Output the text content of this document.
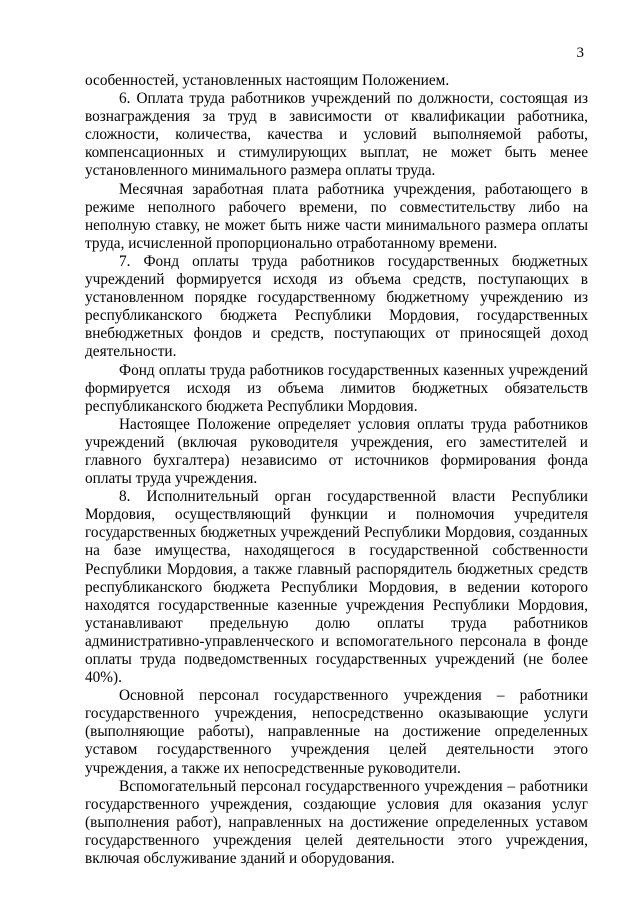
3

особенностей, установленных настоящим Положением.

6. Оплата труда работников учреждений по должности, состоящая из вознаграждения за труд в зависимости от квалификации работника, сложности, количества, качества и условий выполняемой работы, компенсационных и стимулирующих выплат, не может быть менее установленного минимального размера оплаты труда.

Месячная заработная плата работника учреждения, работающего в режиме неполного рабочего времени, по совместительству либо на неполную ставку, не может быть ниже части минимального размера оплаты труда, исчисленной пропорционально отработанному времени.

7. Фонд оплаты труда работников государственных бюджетных учреждений формируется исходя из объема средств, поступающих в установленном порядке государственному бюджетному учреждению из республиканского бюджета Республики Мордовия, государственных внебюджетных фондов и средств, поступающих от приносящей доход деятельности.

Фонд оплаты труда работников государственных казенных учреждений формируется исходя из объема лимитов бюджетных обязательств республиканского бюджета Республики Мордовия.

Настоящее Положение определяет условия оплаты труда работников учреждений (включая руководителя учреждения, его заместителей и главного бухгалтера) независимо от источников формирования фонда оплаты труда учреждения.

8. Исполнительный орган государственной власти Республики Мордовия, осуществляющий функции и полномочия учредителя государственных бюджетных учреждений Республики Мордовия, созданных на базе имущества, находящегося в государственной собственности Республики Мордовия, а также главный распорядитель бюджетных средств республиканского бюджета Республики Мордовия, в ведении которого находятся государственные казенные учреждения Республики Мордовия, устанавливают предельную долю оплаты труда работников административно-управленческого и вспомогательного персонала в фонде оплаты труда подведомственных государственных учреждений (не более 40%).

Основной персонал государственного учреждения – работники государственного учреждения, непосредственно оказывающие услуги (выполняющие работы), направленные на достижение определенных уставом государственного учреждения целей деятельности этого учреждения, а также их непосредственные руководители.

Вспомогательный персонал государственного учреждения – работники государственного учреждения, создающие условия для оказания услуг (выполнения работ), направленных на достижение определенных уставом государственного учреждения целей деятельности этого учреждения, включая обслуживание зданий и оборудования.
